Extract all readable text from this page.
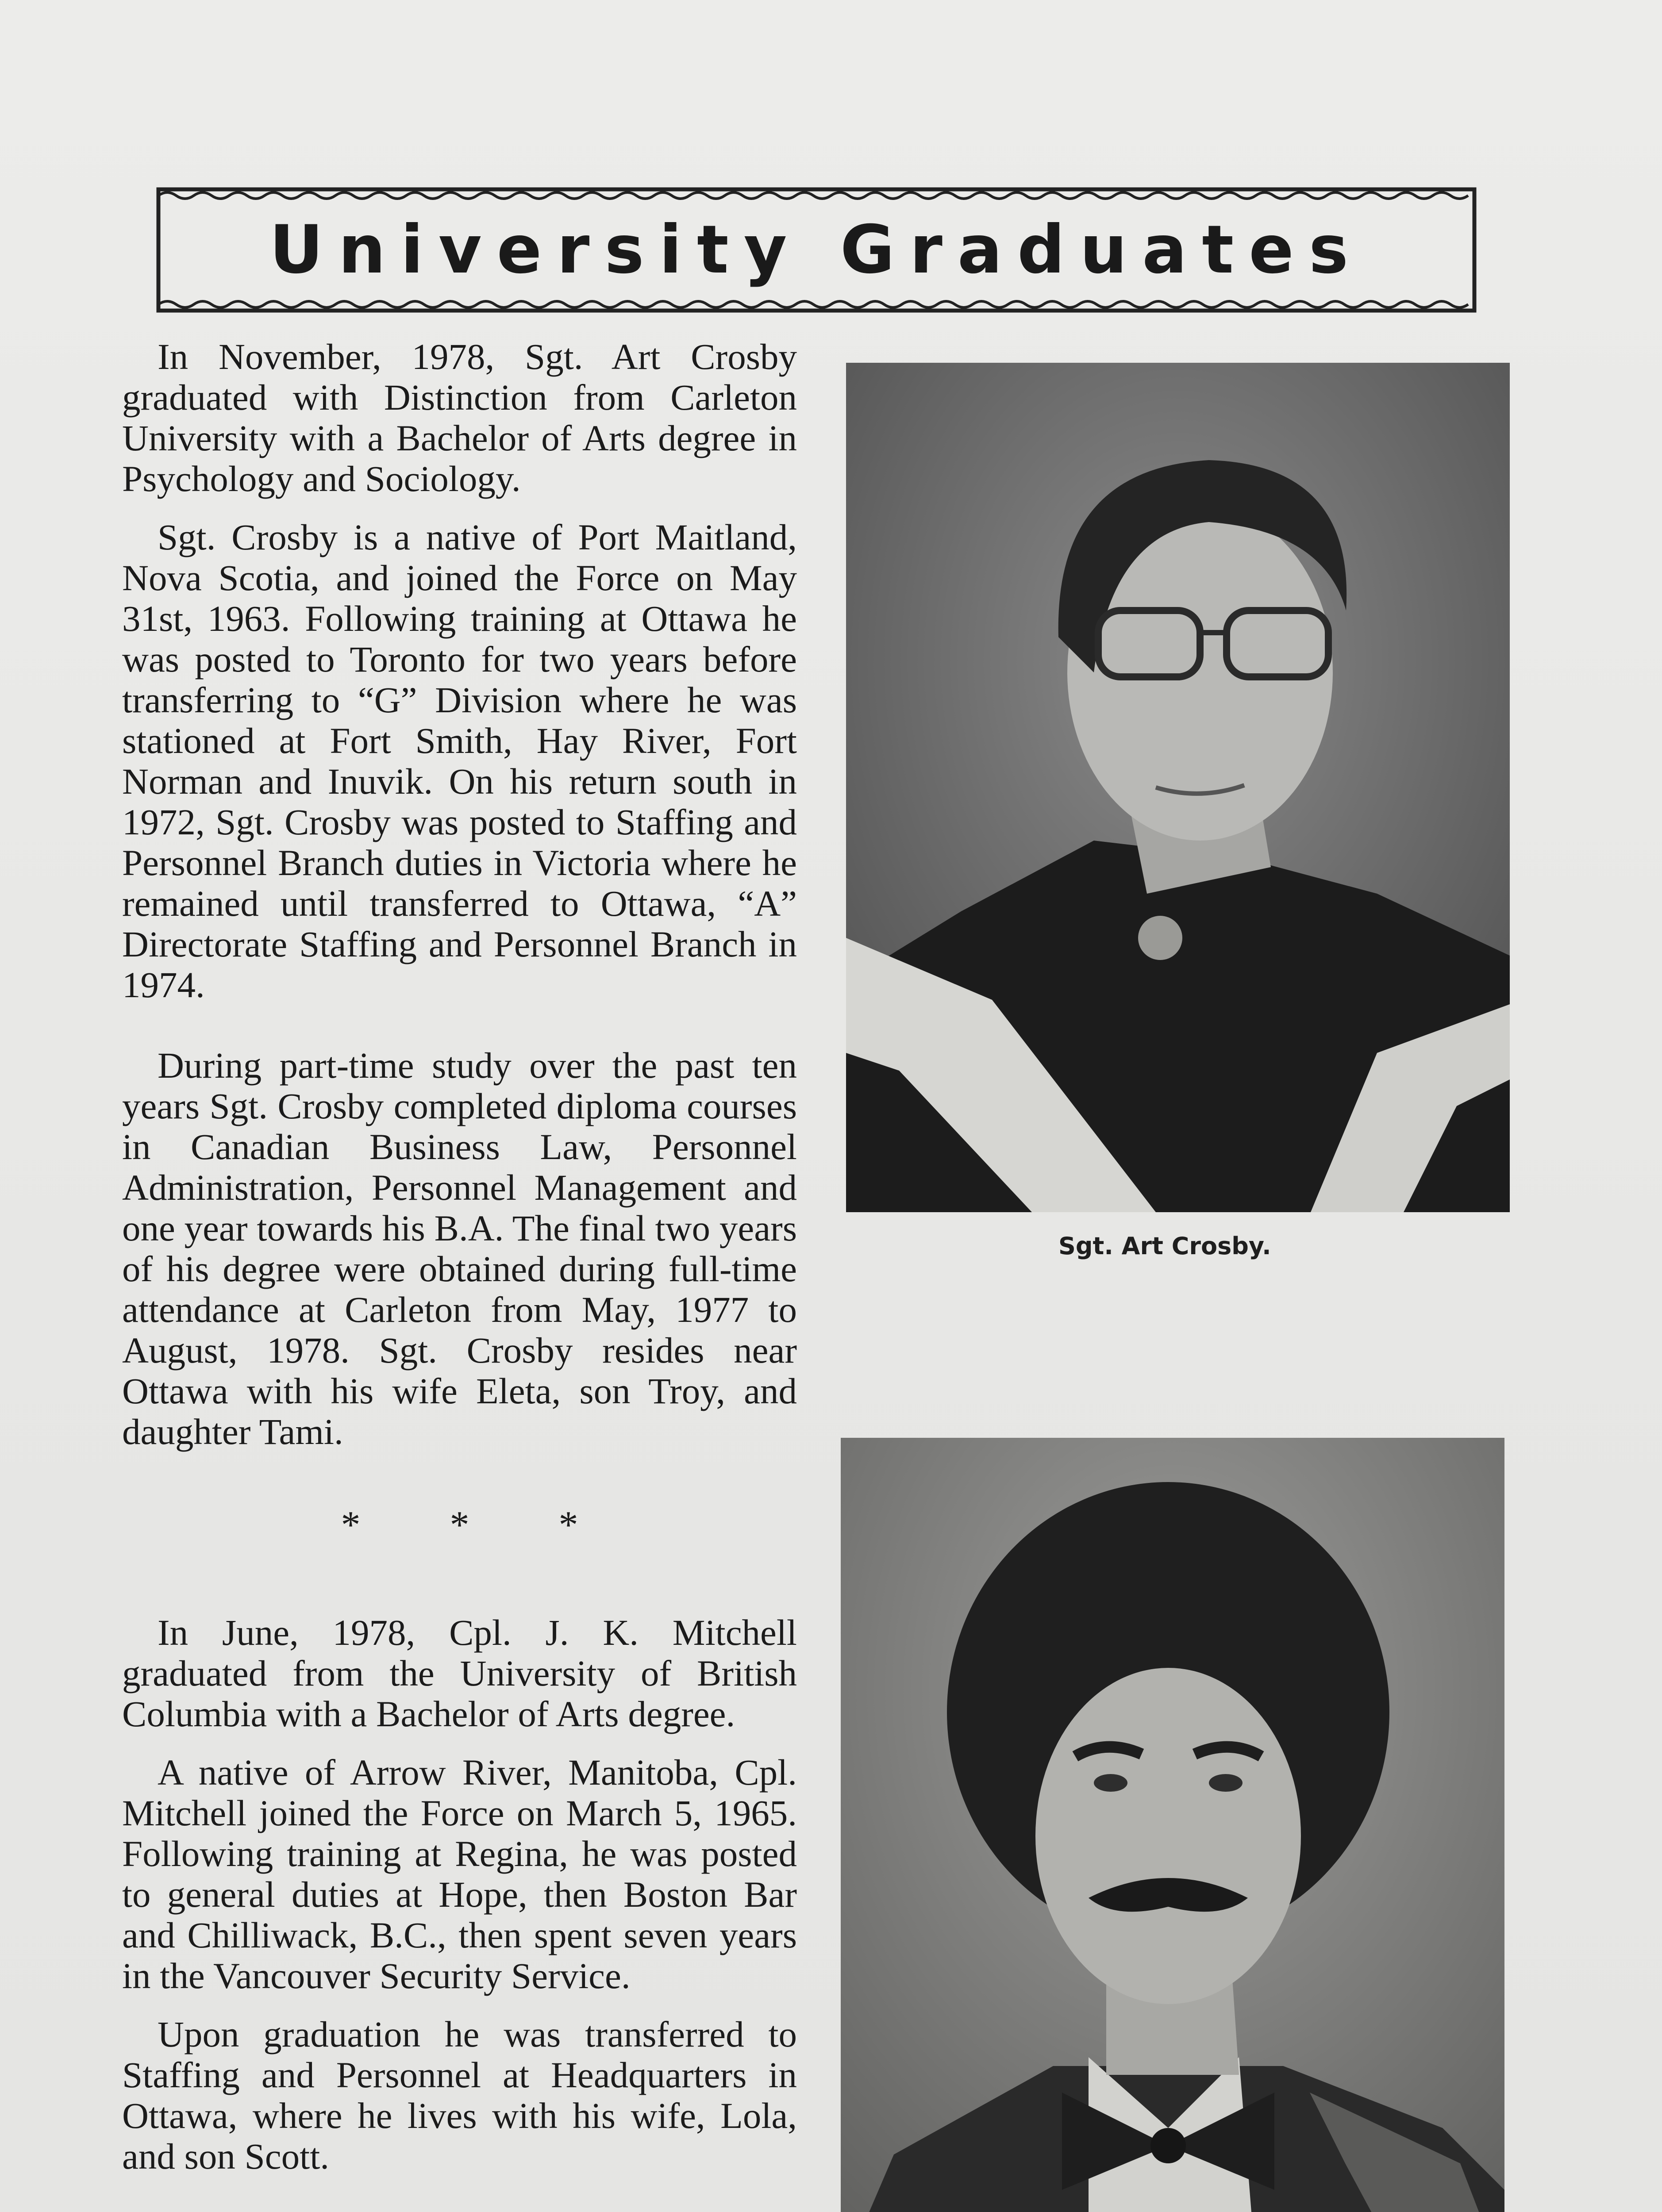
University Graduates

In November, 1978, Sgt. Art Crosby graduated with Distinction from Carleton University with a Bachelor of Arts degree in Psychology and Sociology.

Sgt. Crosby is a native of Port Maitland, Nova Scotia, and joined the Force on May 31st, 1963. Following training at Ottawa he was posted to Toronto for two years before transferring to “G” Division where he was stationed at Fort Smith, Hay River, Fort Norman and Inuvik. On his return south in 1972, Sgt. Crosby was posted to Staffing and Personnel Branch duties in Victoria where he remained until transferred to Ottawa, “A” Directorate Staffing and Personnel Branch in 1974.

During part-time study over the past ten years Sgt. Crosby completed diploma courses in Canadian Business Law, Personnel Administration, Personnel Management and one year towards his B.A. The final two years of his degree were obtained during full-time attendance at Carleton from May, 1977 to August, 1978. Sgt. Crosby resides near Ottawa with his wife Eleta, son Troy, and daughter Tami.

* * *

In June, 1978, Cpl. J. K. Mitchell graduated from the University of British Columbia with a Bachelor of Arts degree.

A native of Arrow River, Manitoba, Cpl. Mitchell joined the Force on March 5, 1965. Following training at Regina, he was posted to general duties at Hope, then Boston Bar and Chilliwack, B.C., then spent seven years in the Vancouver Security Service.

Upon graduation he was transferred to Staffing and Personnel at Headquarters in Ottawa, where he lives with his wife, Lola, and son Scott.

Sgt. Art Crosby.
